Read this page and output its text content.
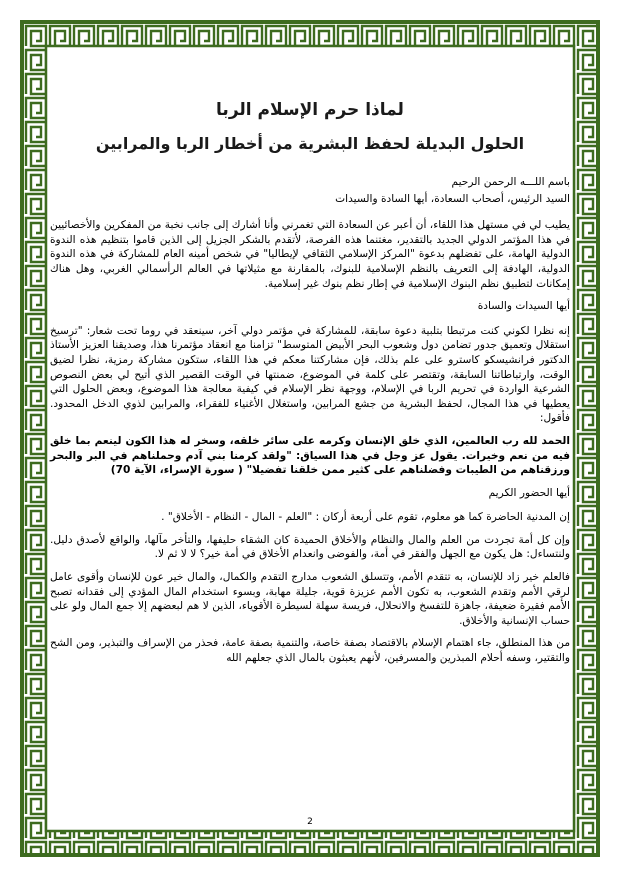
لماذا حرم الإسلام الربا
الحلول البديلة لحفظ البشرية من أخطار الربا والمرابين

باسم اللـــه الرحمن الرحيم

السيد الرئيس، أصحاب السعادة، أيها السادة والسيدات

يطيب لي في مستهل هذا اللقاء، أن أعبر عن السعادة التي تغمرني وأنا أشارك إلى جانب نخبة من المفكرين والأخصائيين في هذا المؤتمر الدولي الجديد بالتقدير، مغتنما هذه الفرصة، لأتقدم بالشكر الجزيل إلى الذين قاموا بتنظيم هذه الندوة الدولية الهامة، على تفضلهم بدعوة "المركز الإسلامي الثقافي لإيطاليا" في شخص أمينه العام للمشاركة في هذه الندوة الدولية، الهادفة إلى التعريف بالنظم الإسلامية للبنوك، بالمقارنة مع مثيلاتها في العالم الرأسمالي الغربي، وهل هناك إمكانات لتطبيق نظم البنوك الإسلامية في إطار نظم بنوك غير إسلامية.

أيها السيدات والسادة

إنه نظرا لكوني كنت مرتبطا بتلبية دعوة سابقة، للمشاركة في مؤتمر دولي آخر، سينعقد في روما تحت شعار: "ترسيخ استقلال وتعميق جدور تضامن دول وشعوب البحر الأبيض المتوسط" تزامنا مع انعقاد مؤتمرنا هذا، وصديقنا العزيز الأستاذ الدكتور فرانشيسكو كاسترو على علم بذلك، فإن مشاركتنا معكم في هذا اللقاء، ستكون مشاركة رمزية، نظرا لضيق الوقت، وارتباطاتنا السابقة، وتقتصر على كلمة في الموضوع، ضمنتها في الوقت القصير الذي أتيح لي بعض النصوص الشرعية الواردة في تحريم الربا في الإسلام، ووجهة نظر الإسلام في كيفية معالجة هذا الموضوع، وبعض الحلول التي يعطيها في هذا المجال، لحفظ البشرية من جشع المرابين، واستغلال الأغنياء للفقراء، والمرابين لذوي الدخل المحدود. فأقول:

الحمد لله رب العالمين، الذي خلق الإنسان وكرمه على سائر خلقه، وسخر له هذا الكون لينعم بما خلق فيه من نعم وخيرات. يقول عز وجل في هذا السياق: "ولقد كرمنا بني آدم وحملناهم في البر والبحر ورزقناهم من الطيبات وفضلناهم على كثير ممن خلقنا تفضيلا" ( سورة الإسراء، الآية 70)

أيها الحضور الكريم

إن المدنية الحاضرة كما هو معلوم، تقوم على أربعة أركان : "العلم - المال - النظام - الأخلاق" .

وإن كل أمة تجردت من العلم والمال والنظام والأخلاق الحميدة كان الشقاء حليفها، والتأخر مآلها، والواقع لأصدق دليل. ولنتساءل: هل يكون مع الجهل والفقر في أمة، والفوضى وانعدام الأخلاق في أمة خير؟ لا لا ثم لا.

فالعلم خير زاد للإنسان، به تتقدم الأمم، وتتسلق الشعوب مدارج التقدم والكمال، والمال خير عون للإنسان وأقوى عامل لرقي الأمم وتقدم الشعوب، به تكون الأمم عزيزة قوية، جليلة مهابة، وبسوء استخدام المال المؤدي إلى فقدانه تصبح الأمم فقيرة ضعيفة، جاهزة للتفسخ والانحلال، فريسة سهلة لسيطرة الأقوياء، الذين لا هم لبعضهم إلا جمع المال ولو على حساب الإنسانية والأخلاق.

من هذا المنطلق، جاء اهتمام الإسلام بالاقتصاد بصفة خاصة، والتنمية بصفة عامة، فحذر من الإسراف والتبذير، ومن الشح والتقتير، وسفه أحلام المبذرين والمسرفين، لأنهم يعبثون بالمال الذي جعلهم الله

2
